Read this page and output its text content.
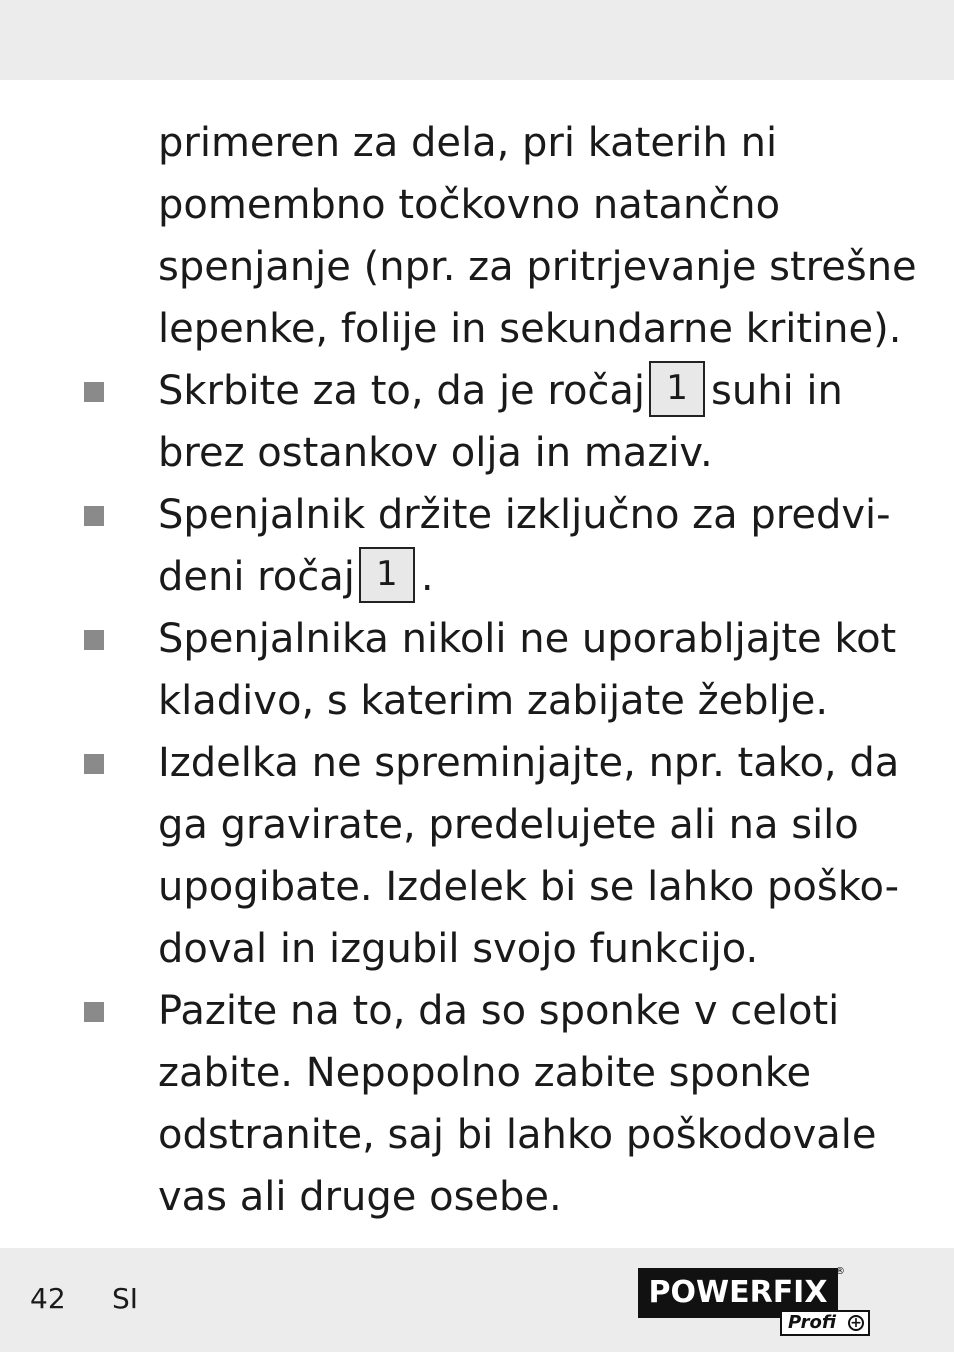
primeren za dela, pri katerih ni
pomembno točkovno natančno
spenjanje (npr. za pritrjevanje strešne
lepenke, folije in sekundarne kritine).

Skrbite za to, da je ročaj 1 suhi in
brez ostankov olja in maziv.

Spenjalnik držite izključno za predvi-
deni ročaj 1 .

Spenjalnika nikoli ne uporabljajte kot
kladivo, s katerim zabijate žeblje.

Izdelka ne spreminjajte, npr. tako, da
ga gravirate, predelujete ali na silo
upogibate. Izdelek bi se lahko poško-
doval in izgubil svojo funkcijo.

Pazite na to, da so sponke v celoti
zabite. Nepopolno zabite sponke
odstranite, saj bi lahko poškodovale
vas ali druge osebe.

42 SI	POWERFIX
®
Profi +
